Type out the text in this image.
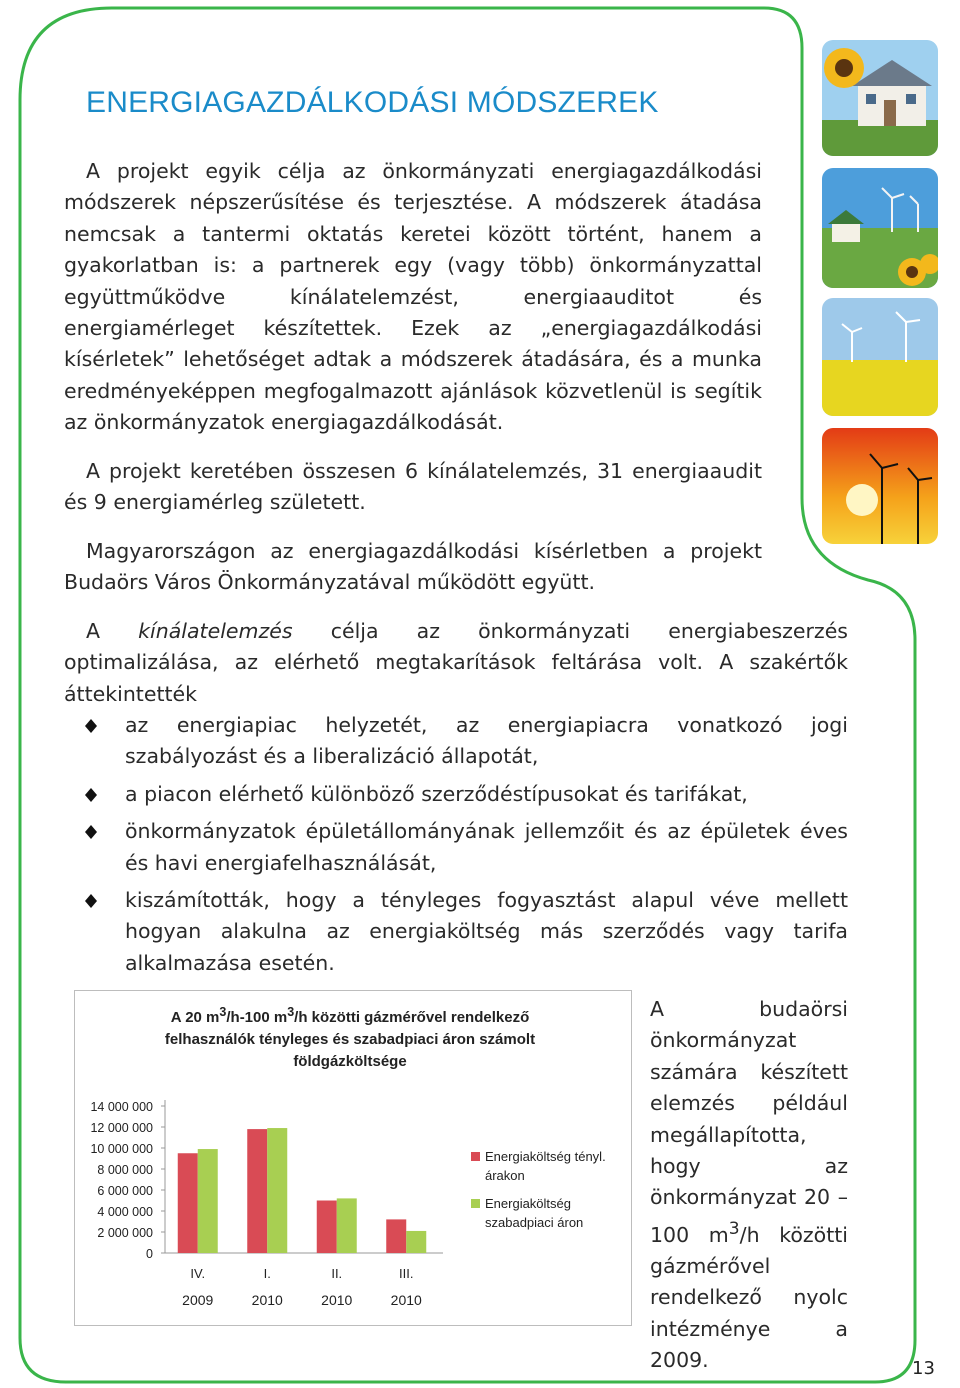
ENERGIAGAZDÁLKODÁSI MÓDSZEREK

A projekt egyik célja az önkormányzati energiagazdálkodási módszerek népszerűsítése és terjesztése. A módszerek átadása nemcsak a tantermi oktatás keretei között történt, hanem a gyakorlatban is: a partnerek egy (vagy több) önkormányzattal együttműködve kínálatelemzést, energiaauditot és energiamérleget készítettek. Ezek az „energiagazdálkodási kísérletek” lehetőséget adtak a módszerek átadására, és a munka eredményeképpen megfogalmazott ajánlások közvetlenül is segítik az önkormányzatok energiagazdálkodását.

A projekt keretében összesen 6 kínálatelemzés, 31 energiaaudit és 9 energiamérleg született.

Magyarországon az energiagazdálkodási kísérletben a projekt Budaörs Város Önkormányzatával működött együtt.

A kínálatelemzés célja az önkormányzati energiabeszerzés optimalizálása, az elérhető megtakarítások feltárása volt. A szakértők áttekintették

az energiapiac helyzetét, az energiapiacra vonatkozó jogi szabályozást és a liberalizáció állapotát,
a piacon elérhető különböző szerződéstípusokat és tarifákat,
önkormányzatok épületállományának jellemzőit és az épületek éves és havi energiafelhasználását,
kiszámították, hogy a tényleges fogyasztást alapul véve mellett hogyan alakulna az energiaköltség más szerződés vagy tarifa alkalmazása esetén.
A 20 $m^3/h-100$ $m^3/h$ közötti gázmérővel rendelkező felhasználók tényleges és szabadpiaci áron számolt földgázköltsége
14 000 000
12 000 000
10 000 000
8 000 000
6 000 000
4 000 000
2 000 000
0
IV.
2009
I.
2010
II.
2010
III.
2010
Energiaköltség tényl. árakon
Energiaköltség szabadpiaci áron

A budaörsi önkormányzat számára készített elemzés például megállapította, hogy az önkormányzat 20 – 100 $m^3/h$ közötti gázmérővel rendelkező nyolc intézménye a 2009.	13
